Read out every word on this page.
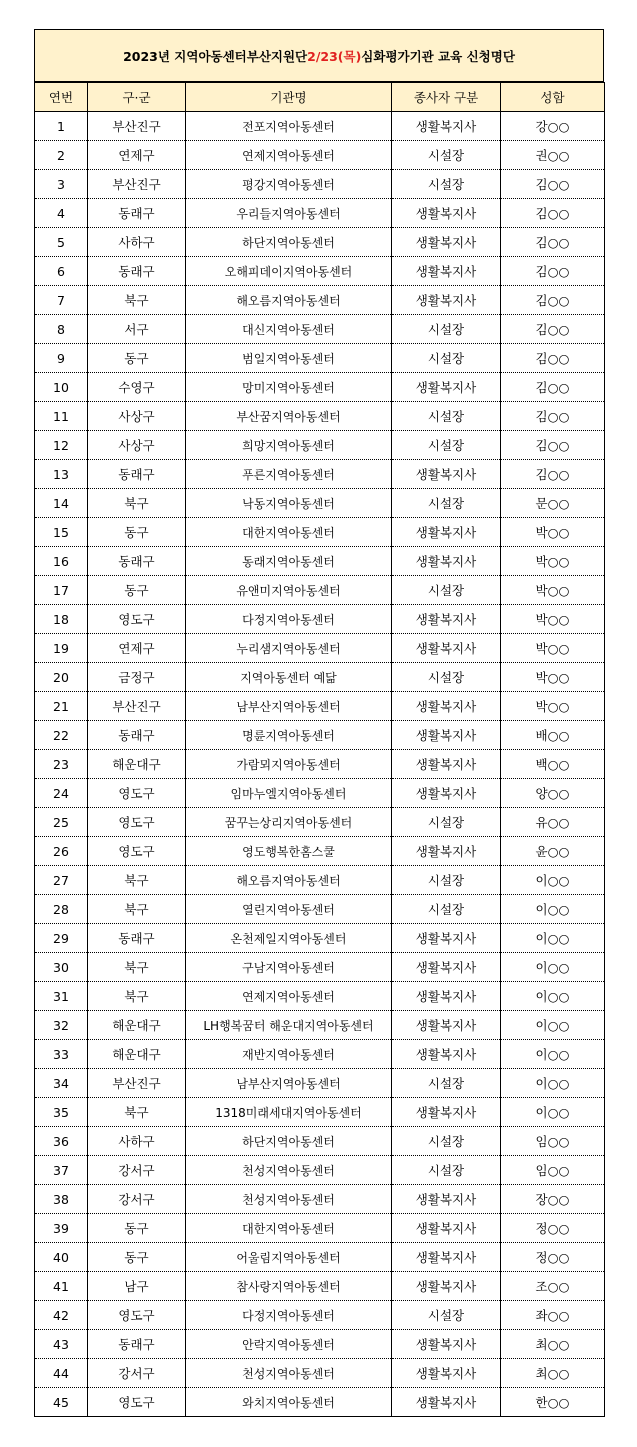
2023년 지역아동센터부산지원단 2/23(목) 심화평가기관 교육 신청명단
연번	구·군	기관명	종사자 구분	성함
1	부산진구	전포지역아동센터	생활복지사	강○○
2	연제구	연제지역아동센터	시설장	권○○
3	부산진구	평강지역아동센터	시설장	김○○
4	동래구	우리들지역아동센터	생활복지사	김○○
5	사하구	하단지역아동센터	생활복지사	김○○
6	동래구	오해피데이지역아동센터	생활복지사	김○○
7	북구	해오름지역아동센터	생활복지사	김○○
8	서구	대신지역아동센터	시설장	김○○
9	동구	범일지역아동센터	시설장	김○○
10	수영구	망미지역아동센터	생활복지사	김○○
11	사상구	부산꿈지역아동센터	시설장	김○○
12	사상구	희망지역아동센터	시설장	김○○
13	동래구	푸른지역아동센터	생활복지사	김○○
14	북구	낙동지역아동센터	시설장	문○○
15	동구	대한지역아동센터	생활복지사	박○○
16	동래구	동래지역아동센터	생활복지사	박○○
17	동구	유앤미지역아동센터	시설장	박○○
18	영도구	다정지역아동센터	생활복지사	박○○
19	연제구	누리샘지역아동센터	생활복지사	박○○
20	금정구	지역아동센터 예닮	시설장	박○○
21	부산진구	남부산지역아동센터	생활복지사	박○○
22	동래구	명륜지역아동센터	생활복지사	배○○
23	해운대구	가람뫼지역아동센터	생활복지사	백○○
24	영도구	임마누엘지역아동센터	생활복지사	양○○
25	영도구	꿈꾸는상리지역아동센터	시설장	유○○
26	영도구	영도행복한홈스쿨	생활복지사	윤○○
27	북구	해오름지역아동센터	시설장	이○○
28	북구	열린지역아동센터	시설장	이○○
29	동래구	온천제일지역아동센터	생활복지사	이○○
30	북구	구남지역아동센터	생활복지사	이○○
31	북구	연제지역아동센터	생활복지사	이○○
32	해운대구	LH행복꿈터 해운대지역아동센터	생활복지사	이○○
33	해운대구	재반지역아동센터	생활복지사	이○○
34	부산진구	남부산지역아동센터	시설장	이○○
35	북구	1318미래세대지역아동센터	생활복지사	이○○
36	사하구	하단지역아동센터	시설장	임○○
37	강서구	천성지역아동센터	시설장	임○○
38	강서구	천성지역아동센터	생활복지사	장○○
39	동구	대한지역아동센터	생활복지사	정○○
40	동구	어울림지역아동센터	생활복지사	정○○
41	남구	참사랑지역아동센터	생활복지사	조○○
42	영도구	다정지역아동센터	시설장	좌○○
43	동래구	안락지역아동센터	생활복지사	최○○
44	강서구	천성지역아동센터	생활복지사	최○○
45	영도구	와치지역아동센터	생활복지사	한○○
